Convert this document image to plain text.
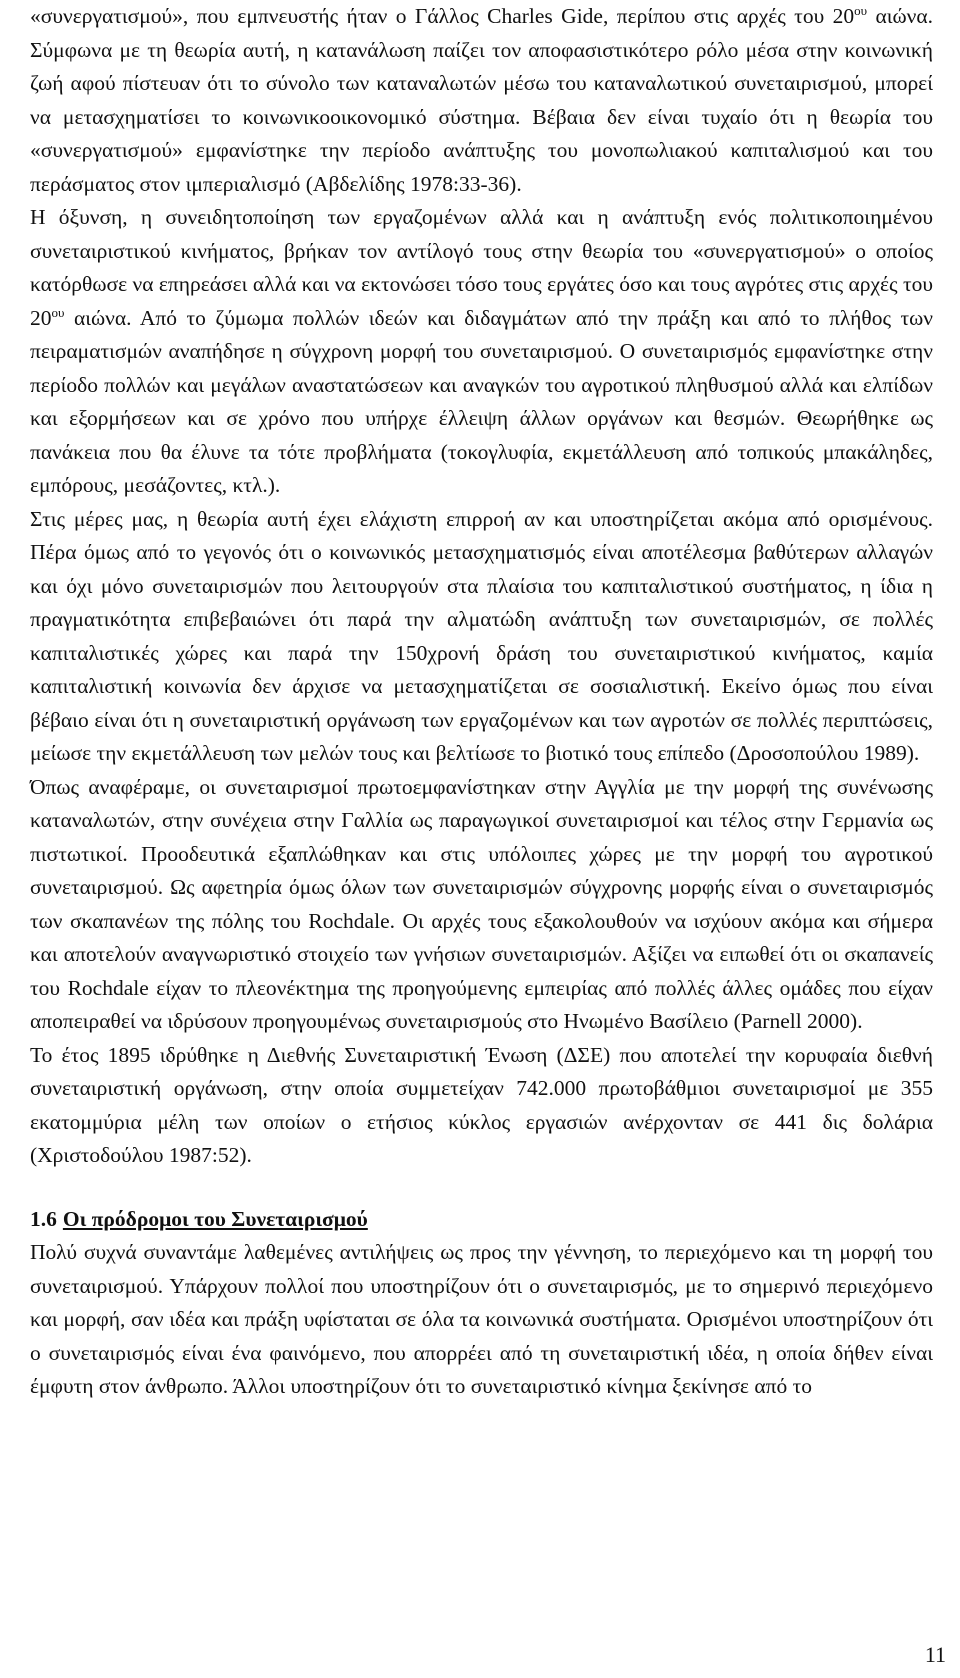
«συνεργατισμού», που εμπνευστής ήταν ο Γάλλος Charles Gide, περίπου στις αρχές του $20^{o\upsilon}$ αιώνα. Σύμφωνα με τη θεωρία αυτή, η κατανάλωση παίζει τον αποφασιστικότερο ρόλο μέσα στην κοινωνική ζωή αφού πίστευαν ότι το σύνολο των καταναλωτών μέσω του καταναλωτικού συνεταιρισμού, μπορεί να μετασχηματίσει το κοινωνικοοικονομικό σύστημα. Βέβαια δεν είναι τυχαίο ότι η θεωρία του «συνεργατισμού» εμφανίστηκε την περίοδο ανάπτυξης του μονοπωλιακού καπιταλισμού και του περάσματος στον ιμπεριαλισμό (Αβδελίδης 1978:33-36).

Η όξυνση, η συνειδητοποίηση των εργαζομένων αλλά και η ανάπτυξη ενός πολιτικοποιημένου συνεταιριστικού κινήματος, βρήκαν τον αντίλογό τους στην θεωρία του «συνεργατισμού» ο οποίος κατόρθωσε να επηρεάσει αλλά και να εκτονώσει τόσο τους εργάτες όσο και τους αγρότες στις αρχές του $20^{o\upsilon}$ αιώνα. Από το ζύμωμα πολλών ιδεών και διδαγμάτων από την πράξη και από το πλήθος των πειραματισμών αναπήδησε η σύγχρονη μορφή του συνεταιρισμού. Ο συνεταιρισμός εμφανίστηκε στην περίοδο πολλών και μεγάλων αναστατώσεων και αναγκών του αγροτικού πληθυσμού αλλά και ελπίδων και εξορμήσεων και σε χρόνο που υπήρχε έλλειψη άλλων οργάνων και θεσμών. Θεωρήθηκε ως πανάκεια που θα έλυνε τα τότε προβλήματα (τοκογλυφία, εκμετάλλευση από τοπικούς μπακάληδες, εμπόρους, μεσάζοντες, κτλ.).

Στις μέρες μας, η θεωρία αυτή έχει ελάχιστη επιρροή αν και υποστηρίζεται ακόμα από ορισμένους. Πέρα όμως από το γεγονός ότι ο κοινωνικός μετασχηματισμός είναι αποτέλεσμα βαθύτερων αλλαγών και όχι μόνο συνεταιρισμών που λειτουργούν στα πλαίσια του καπιταλιστικού συστήματος, η ίδια η πραγματικότητα επιβεβαιώνει ότι παρά την αλματώδη ανάπτυξη των συνεταιρισμών, σε πολλές καπιταλιστικές χώρες και παρά την 150χρονή δράση του συνεταιριστικού κινήματος, καμία καπιταλιστική κοινωνία δεν άρχισε να μετασχηματίζεται σε σοσιαλιστική. Εκείνο όμως που είναι βέβαιο είναι ότι η συνεταιριστική οργάνωση των εργαζομένων και των αγροτών σε πολλές περιπτώσεις, μείωσε την εκμετάλλευση των μελών τους και βελτίωσε το βιοτικό τους επίπεδο (Δροσοπούλου 1989).

Όπως αναφέραμε, οι συνεταιρισμοί πρωτοεμφανίστηκαν στην Αγγλία με την μορφή της συνένωσης καταναλωτών, στην συνέχεια στην Γαλλία ως παραγωγικοί συνεταιρισμοί και τέλος στην Γερμανία ως πιστωτικοί. Προοδευτικά εξαπλώθηκαν και στις υπόλοιπες χώρες με την μορφή του αγροτικού συνεταιρισμού. Ως αφετηρία όμως όλων των συνεταιρισμών σύγχρονης μορφής είναι ο συνεταιρισμός των σκαπανέων της πόλης του Rochdale. Οι αρχές τους εξακολουθούν να ισχύουν ακόμα και σήμερα και αποτελούν αναγνωριστικό στοιχείο των γνήσιων συνεταιρισμών. Αξίζει να ειπωθεί ότι οι σκαπανείς του Rochdale είχαν το πλεονέκτημα της προηγούμενης εμπειρίας από πολλές άλλες ομάδες που είχαν αποπειραθεί να ιδρύσουν προηγουμένως συνεταιρισμούς στο Ηνωμένο Βασίλειο (Parnell 2000).

Το έτος 1895 ιδρύθηκε η Διεθνής Συνεταιριστική Ένωση (ΔΣΕ) που αποτελεί την κορυφαία διεθνή συνεταιριστική οργάνωση, στην οποία συμμετείχαν 742.000 πρωτοβάθμιοι συνεταιρισμοί με 355 εκατομμύρια μέλη των οποίων ο ετήσιος κύκλος εργασιών ανέρχονταν σε 441 δις δολάρια (Χριστοδούλου 1987:52).

1.6 Οι πρόδρομοι του Συνεταιρισμού

Πολύ συχνά συναντάμε λαθεμένες αντιλήψεις ως προς την γέννηση, το περιεχόμενο και τη μορφή του συνεταιρισμού. Υπάρχουν πολλοί που υποστηρίζουν ότι ο συνεταιρισμός, με το σημερινό περιεχόμενο και μορφή, σαν ιδέα και πράξη υφίσταται σε όλα τα κοινωνικά συστήματα. Ορισμένοι υποστηρίζουν ότι ο συνεταιρισμός είναι ένα φαινόμενο, που απορρέει από τη συνεταιριστική ιδέα, η οποία δήθεν είναι έμφυτη στον άνθρωπο. Άλλοι υποστηρίζουν ότι το συνεταιριστικό κίνημα ξεκίνησε από το

11
